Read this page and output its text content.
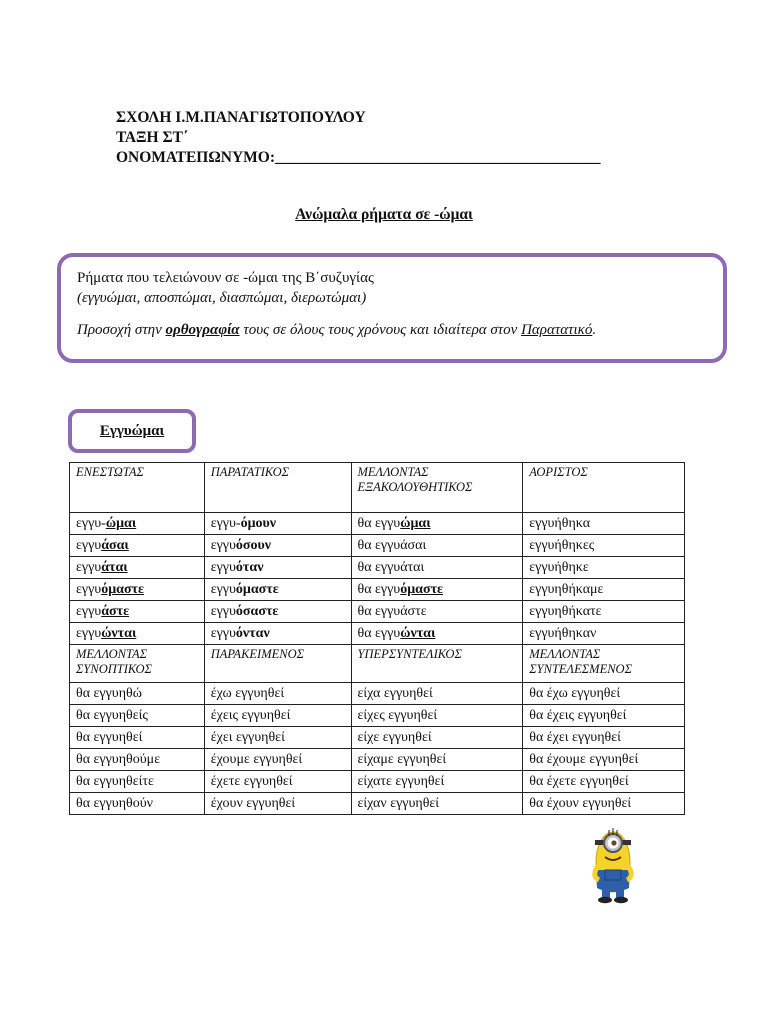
ΣΧΟΛΗ Ι.Μ.ΠΑΝΑΓΙΩΤΟΠΟΥΛΟΥ
ΤΑΞΗ ΣΤ΄
ΟΝΟΜΑΤΕΠΩΝΥΜΟ:__________________________________________
Ανώμαλα ρήματα σε -ώμαι
Ρήματα που τελειώνουν σε -ώμαι της Β΄συζυγίας
(εγγυώμαι, αποσπώμαι, διασπώμαι, διερωτώμαι)
Προσοχή στην ορθογραφία τους σε όλους τους χρόνους και ιδιαίτερα στον Παρατατικό.
Εγγυώμαι
ΕΝΕΣΤΩΤΑΣ	ΠΑΡΑΤΑΤΙΚΟΣ	ΜΕΛΛΟΝΤΑΣ ΕΞΑΚΟΛΟΥΘΗΤΙΚΟΣ	ΑΟΡΙΣΤΟΣ
εγγυ-ώμαι	εγγυ-όμουν	θα εγγυώμαι	εγγυήθηκα
εγγυάσαι	εγγυόσουν	θα εγγυάσαι	εγγυήθηκες
εγγυάται	εγγυόταν	θα εγγυάται	εγγυήθηκε
εγγυόμαστε	εγγυόμαστε	θα εγγυόμαστε	εγγυηθήκαμε
εγγυάστε	εγγυόσαστε	θα εγγυάστε	εγγυηθήκατε
εγγυώνται	εγγυόνταν	θα εγγυώνται	εγγυήθηκαν
ΜΕΛΛΟΝΤΑΣ ΣΥΝΟΠΤΙΚΟΣ	ΠΑΡΑΚΕΙΜΕΝΟΣ	ΥΠΕΡΣΥΝΤΕΛΙΚΟΣ	ΜΕΛΛΟΝΤΑΣ ΣΥΝΤΕΛΕΣΜΕΝΟΣ
θα εγγυηθώ	έχω εγγυηθεί	είχα εγγυηθεί	θα έχω εγγυηθεί
θα εγγυηθείς	έχεις εγγυηθεί	είχες εγγυηθεί	θα έχεις εγγυηθεί
θα εγγυηθεί	έχει εγγυηθεί	είχε εγγυηθεί	θα έχει εγγυηθεί
θα εγγυηθούμε	έχουμε εγγυηθεί	είχαμε εγγυηθεί	θα έχουμε εγγυηθεί
θα εγγυηθείτε	έχετε εγγυηθεί	είχατε εγγυηθεί	θα έχετε εγγυηθεί
θα εγγυηθούν	έχουν εγγυηθεί	είχαν εγγυηθεί	θα έχουν εγγυηθεί
